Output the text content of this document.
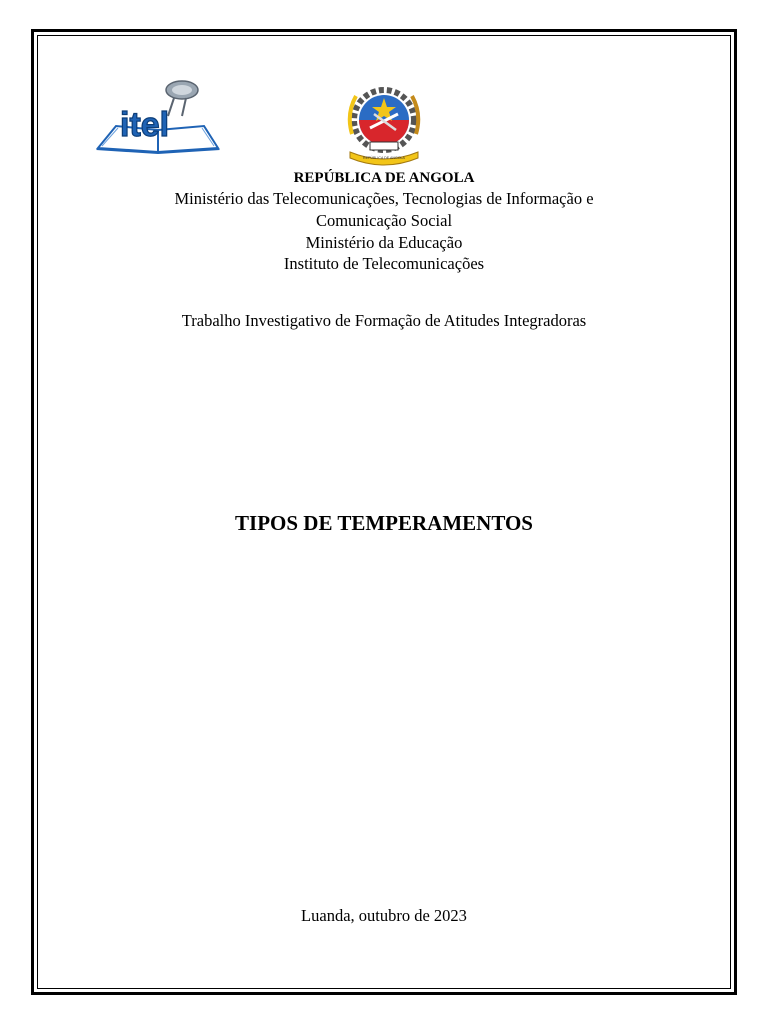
itel
REPÚBLICA DE ANGOLA
REPÚBLICA DE ANGOLA
Ministério das Telecomunicações, Tecnologias de Informação e
Comunicação Social
Ministério da Educação
Instituto de Telecomunicações
Trabalho Investigativo de Formação de Atitudes Integradoras
TIPOS DE TEMPERAMENTOS
Luanda, outubro de 2023
